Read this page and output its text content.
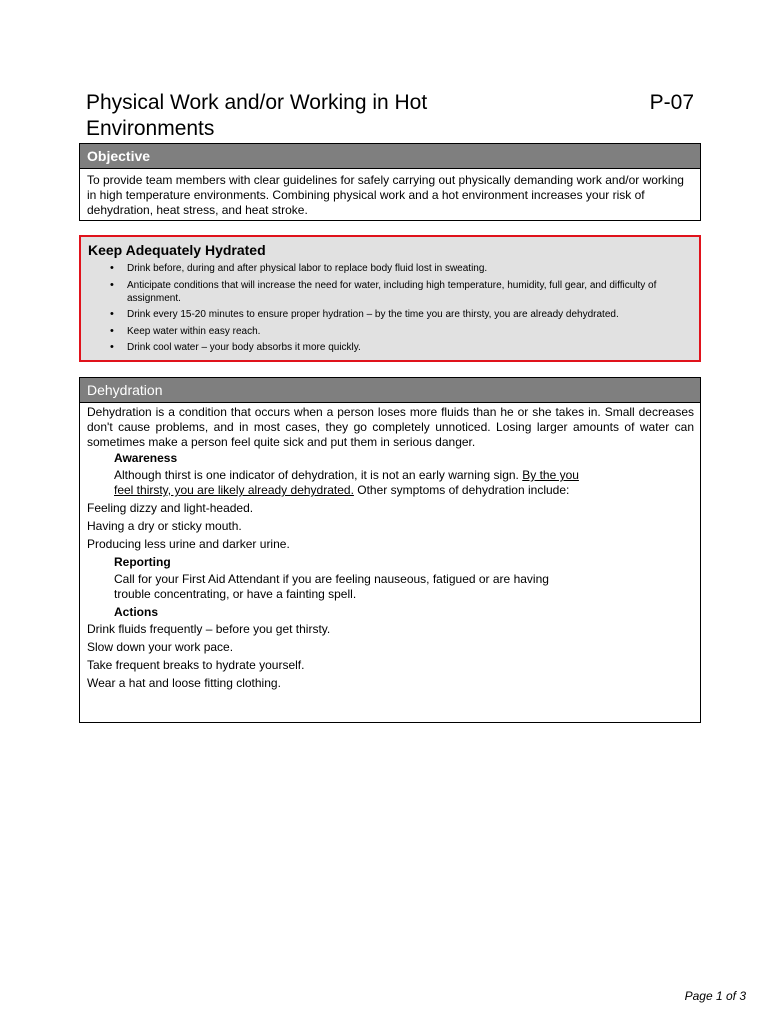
Physical Work and/or Working in Hot Environments
P-07
Objective
To provide team members with clear guidelines for safely carrying out physically demanding work and/or working in high temperature environments. Combining physical work and a hot environment increases your risk of dehydration, heat stress, and heat stroke.
Keep Adequately Hydrated
• Drink before, during and after physical labor to replace body fluid lost in sweating.
• Anticipate conditions that will increase the need for water, including high temperature, humidity, full gear, and difficulty of assignment.
• Drink every 15-20 minutes to ensure proper hydration – by the time you are thirsty, you are already dehydrated.
• Keep water within easy reach.
• Drink cool water – your body absorbs it more quickly.
Dehydration

Dehydration is a condition that occurs when a person loses more fluids than he or she takes in. Small decreases don't cause problems, and in most cases, they go completely unnoticed. Losing larger amounts of water can sometimes make a person feel quite sick and put them in serious danger.

Awareness
Although thirst is one indicator of dehydration, it is not an early warning sign. By the you feel thirsty, you are likely already dehydrated. Other symptoms of dehydration include:
Feeling dizzy and light-headed.
Having a dry or sticky mouth.
Producing less urine and darker urine.
Reporting
Call for your First Aid Attendant if you are feeling nauseous, fatigued or are having trouble concentrating, or have a fainting spell.
Actions
Drink fluids frequently – before you get thirsty.
Slow down your work pace.
Take frequent breaks to hydrate yourself.
Wear a hat and loose fitting clothing.
Page 1 of 3
